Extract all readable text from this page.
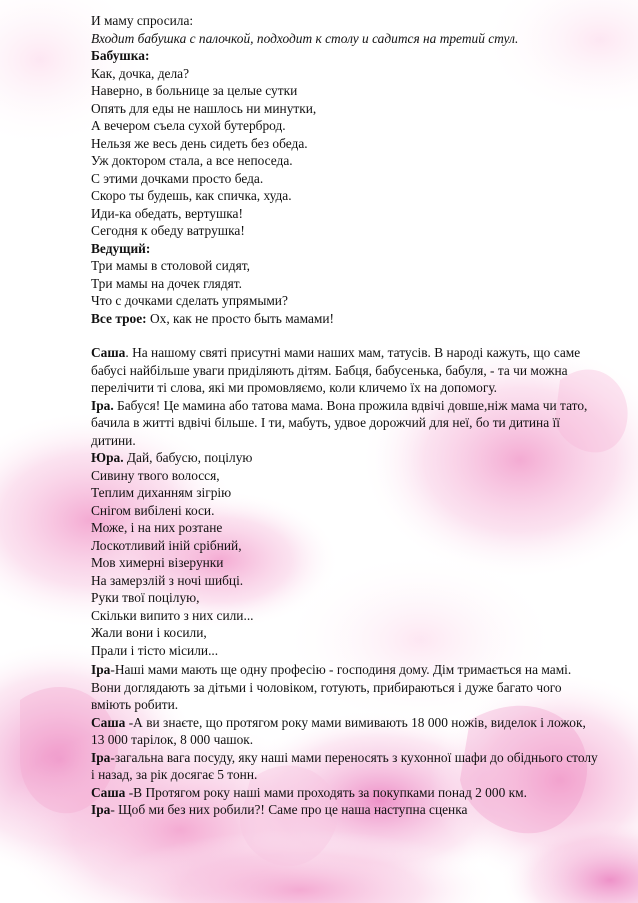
И маму спросила:
Входит бабушка с палочкой, подходит к столу и садится на третий стул.
Бабушка:
Как, дочка, дела?
Наверно, в больнице за целые сутки
Опять для еды не нашлось ни минутки,
А вечером съела сухой бутерброд.
Нельзя же весь день сидеть без обеда.
Уж доктором стала, а все непоседа.
С этими дочками просто беда.
Скоро ты будешь, как спичка, худа.
Иди-ка обедать, вертушка!
Сегодня к обеду ватрушка!
Ведущий:
Три мамы в столовой сидят,
Три мамы на дочек глядят.
Что с дочками сделать упрямыми?
Все трое: Ох, как не просто быть мамами!

Саша. На нашому святі присутні мами наших мам, татусів. В народі кажуть, що саме бабусі найбільше уваги приділяють дітям. Бабця, бабусенька, бабуля, - та чи можна перелічити ті слова, які ми промовляємо, коли кличемо їх на допомогу.

Іра. Бабуся! Це мамина або татова мама. Вона прожила вдвічі довше,ніж мама чи тато, бачила в житті вдвічі більше. І ти, мабуть, удвое дорожчий для неї, бо ти дитина її дитини.

Юра. Дай, бабусю, поцілую
Сивину твого волосся,
Теплим диханням зігрію
Снігом вибілені коси.
Може, і на них розтане
Лоскотливий іній срібний,
Мов химерні візерунки
На замерзлій з ночі шибці.
Руки твої поцілую,
Скільки випито з них сили...
Жали вони і косили,
Прали і тісто місили...

Іра-Наші мами мають ще одну професію - господиня дому. Дім тримається на мамі. Вони доглядають за дітьми і чоловіком, готують, прибираються і дуже багато чого вміють робити.

Саша -А ви знаєте, що протягом року мами вимивають 18 000 ножів, виделок і ложок, 13 000 тарілок, 8 000 чашок.

Іра-загальна вага посуду, яку наші мами переносять з кухонної шафи до обіднього столу і назад, за рік досягає 5 тонн.

Саша -В Протягом року наші мами проходять за покупками понад 2 000 км.

Іра- Щоб ми без них робили?! Саме про це наша наступна сценка
